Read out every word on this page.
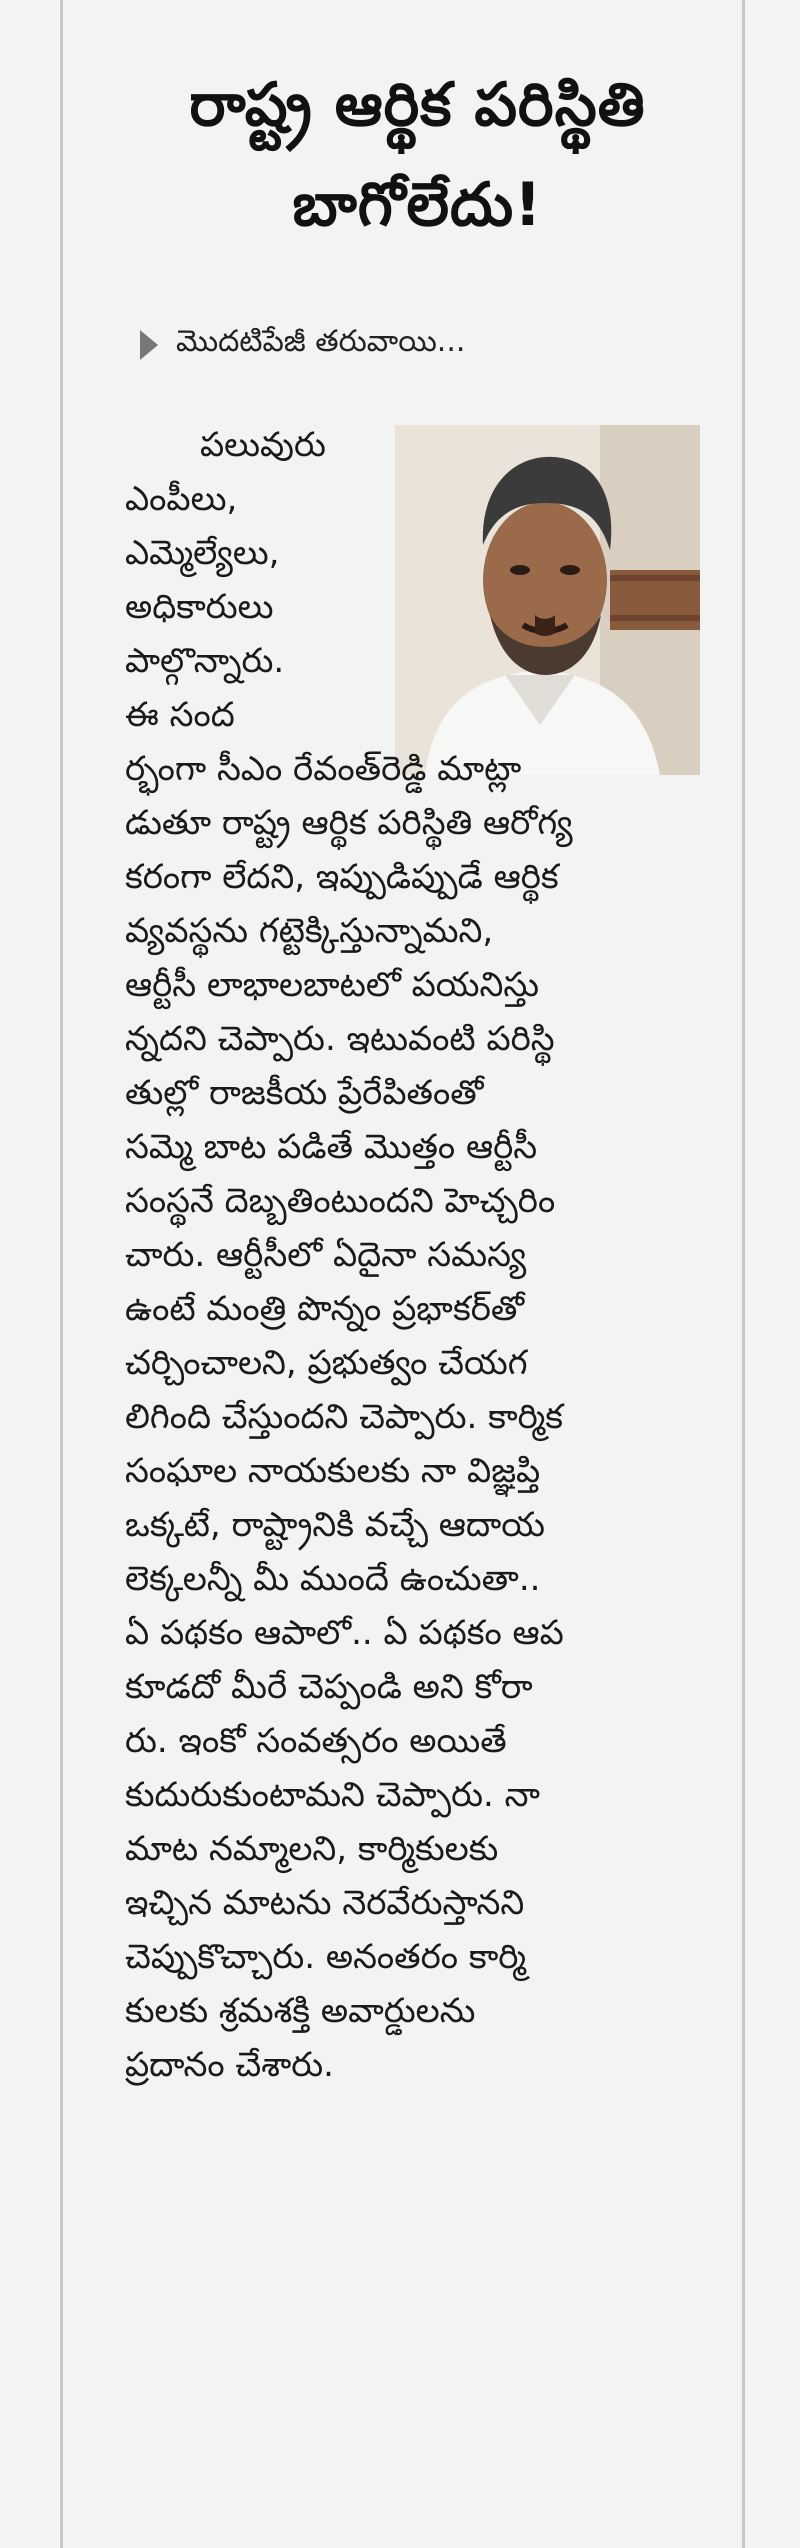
రాష్ట్ర ఆర్థిక పరిస్థితి
బాగోలేదు!
మొదటిపేజీ తరువాయి...

పలువురు

ఎంపీలు,

ఎమ్మెల్యేలు,

అధికారులు

పాల్గొన్నారు.

ఈ సంద

ర్భంగా సీఎం రేవంత్‌రెడ్డి మాట్లా

డుతూ రాష్ట్ర ఆర్థిక పరిస్థితి ఆరోగ్య

కరంగా లేదని, ఇప్పుడిప్పుడే ఆర్థిక

వ్యవస్థను గట్టెక్కిస్తున్నామని,

ఆర్టీసీ లాభాలబాటలో పయనిస్తు

న్నదని చెప్పారు. ఇటువంటి పరిస్థి

తుల్లో రాజకీయ ప్రేరేపితంతో

సమ్మె బాట పడితే మొత్తం ఆర్టీసీ

సంస్థనే దెబ్బతింటుందని హెచ్చరిం

చారు. ఆర్టీసీలో ఏదైనా సమస్య

ఉంటే మంత్రి పొన్నం ప్రభాకర్‌తో

చర్చించాలని, ప్రభుత్వం చేయగ

లిగింది చేస్తుందని చెప్పారు. కార్మిక

సంఘాల నాయకులకు నా విజ్ఞప్తి

ఒక్కటే, రాష్ట్రానికి వచ్చే ఆదాయ

లెక్కలన్నీ మీ ముందే ఉంచుతా..

ఏ పథకం ఆపాలో.. ఏ పథకం ఆప

కూడదో మీరే చెప్పండి అని కోరా

రు. ఇంకో సంవత్సరం అయితే

కుదురుకుంటామని చెప్పారు. నా

మాట నమ్మాలని, కార్మికులకు

ఇచ్చిన మాటను నెరవేరుస్తానని

చెప్పుకొచ్చారు. అనంతరం కార్మి

కులకు శ్రమశక్తి అవార్డులను

ప్రదానం చేశారు.
